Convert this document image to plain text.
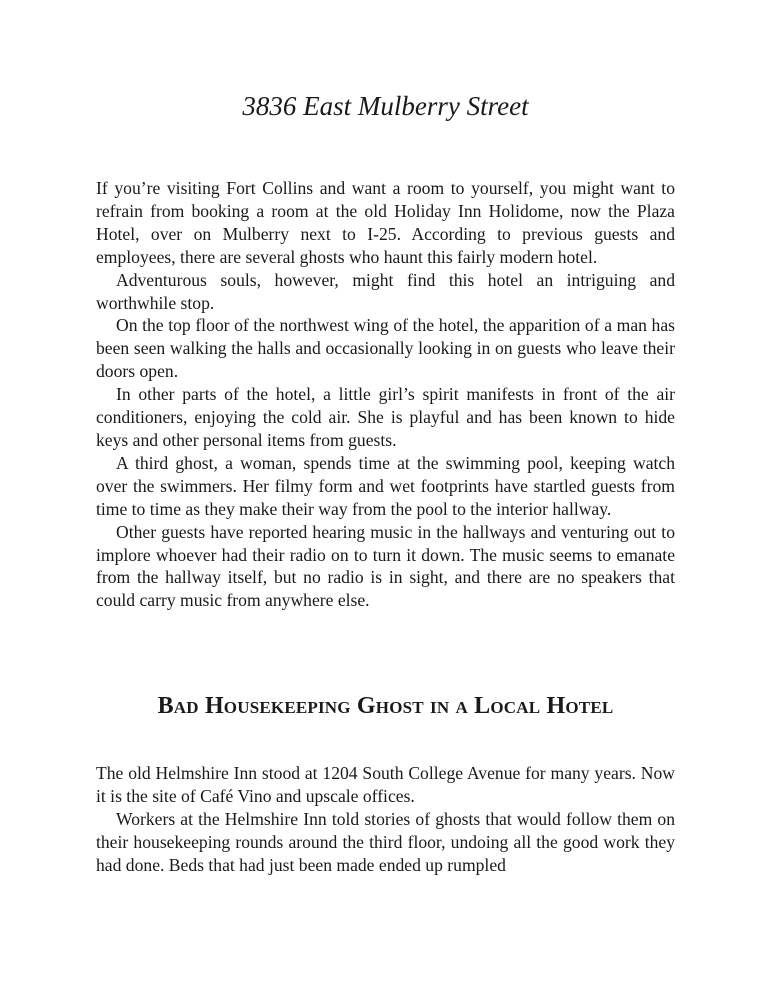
3836 East Mulberry Street

If you’re visiting Fort Collins and want a room to yourself, you might want to refrain from booking a room at the old Holiday Inn Holidome, now the Plaza Hotel, over on Mulberry next to I-25. According to previous guests and employees, there are several ghosts who haunt this fairly modern hotel.

Adventurous souls, however, might find this hotel an intriguing and worthwhile stop.

On the top floor of the northwest wing of the hotel, the apparition of a man has been seen walking the halls and occasionally looking in on guests who leave their doors open.

In other parts of the hotel, a little girl’s spirit manifests in front of the air conditioners, enjoying the cold air. She is playful and has been known to hide keys and other personal items from guests.

A third ghost, a woman, spends time at the swimming pool, keeping watch over the swimmers. Her filmy form and wet footprints have startled guests from time to time as they make their way from the pool to the interior hallway.

Other guests have reported hearing music in the hallways and venturing out to implore whoever had their radio on to turn it down. The music seems to emanate from the hallway itself, but no radio is in sight, and there are no speakers that could carry music from anywhere else.

Bad Housekeeping Ghost in a Local Hotel

The old Helmshire Inn stood at 1204 South College Avenue for many years. Now it is the site of Café Vino and upscale offices.

Workers at the Helmshire Inn told stories of ghosts that would follow them on their housekeeping rounds around the third floor, undoing all the good work they had done. Beds that had just been made ended up rumpled
